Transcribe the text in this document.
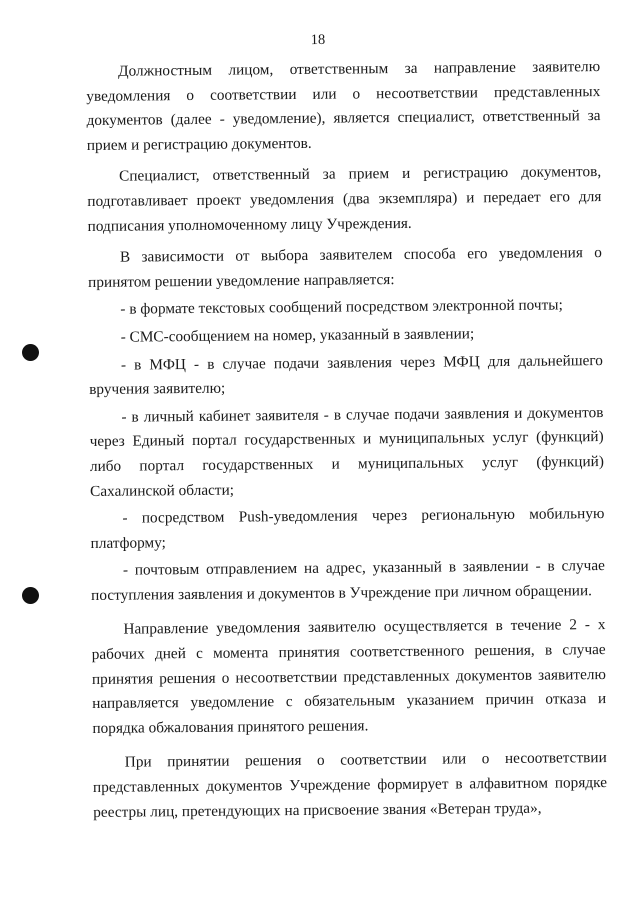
18

Должностным лицом, ответственным за направление заявителю уведомления о соответствии или о несоответствии представленных документов (далее - уведомление), является специалист, ответственный за прием и регистрацию документов.

Специалист, ответственный за прием и регистрацию документов, подготавливает проект уведомления (два экземпляра) и передает его для подписания уполномоченному лицу Учреждения.

В зависимости от выбора заявителем способа его уведомления о принятом решении уведомление направляется:

- в формате текстовых сообщений посредством электронной почты;

- СМС-сообщением на номер, указанный в заявлении;

- в МФЦ - в случае подачи заявления через МФЦ для дальнейшего вручения заявителю;

- в личный кабинет заявителя - в случае подачи заявления и документов через Единый портал государственных и муниципальных услуг (функций) либо портал государственных и муниципальных услуг (функций) Сахалинской области;

- посредством Push-уведомления через региональную мобильную платформу;

- почтовым отправлением на адрес, указанный в заявлении - в случае поступления заявления и документов в Учреждение при личном обращении.

Направление уведомления заявителю осуществляется в течение 2 - х рабочих дней с момента принятия соответственного решения, в случае принятия решения о несоответствии представленных документов заявителю направляется уведомление с обязательным указанием причин отказа и порядка обжалования принятого решения.

При принятии решения о соответствии или о несоответствии представленных документов Учреждение формирует в алфавитном порядке реестры лиц, претендующих на присвоение звания «Ветеран труда»,
